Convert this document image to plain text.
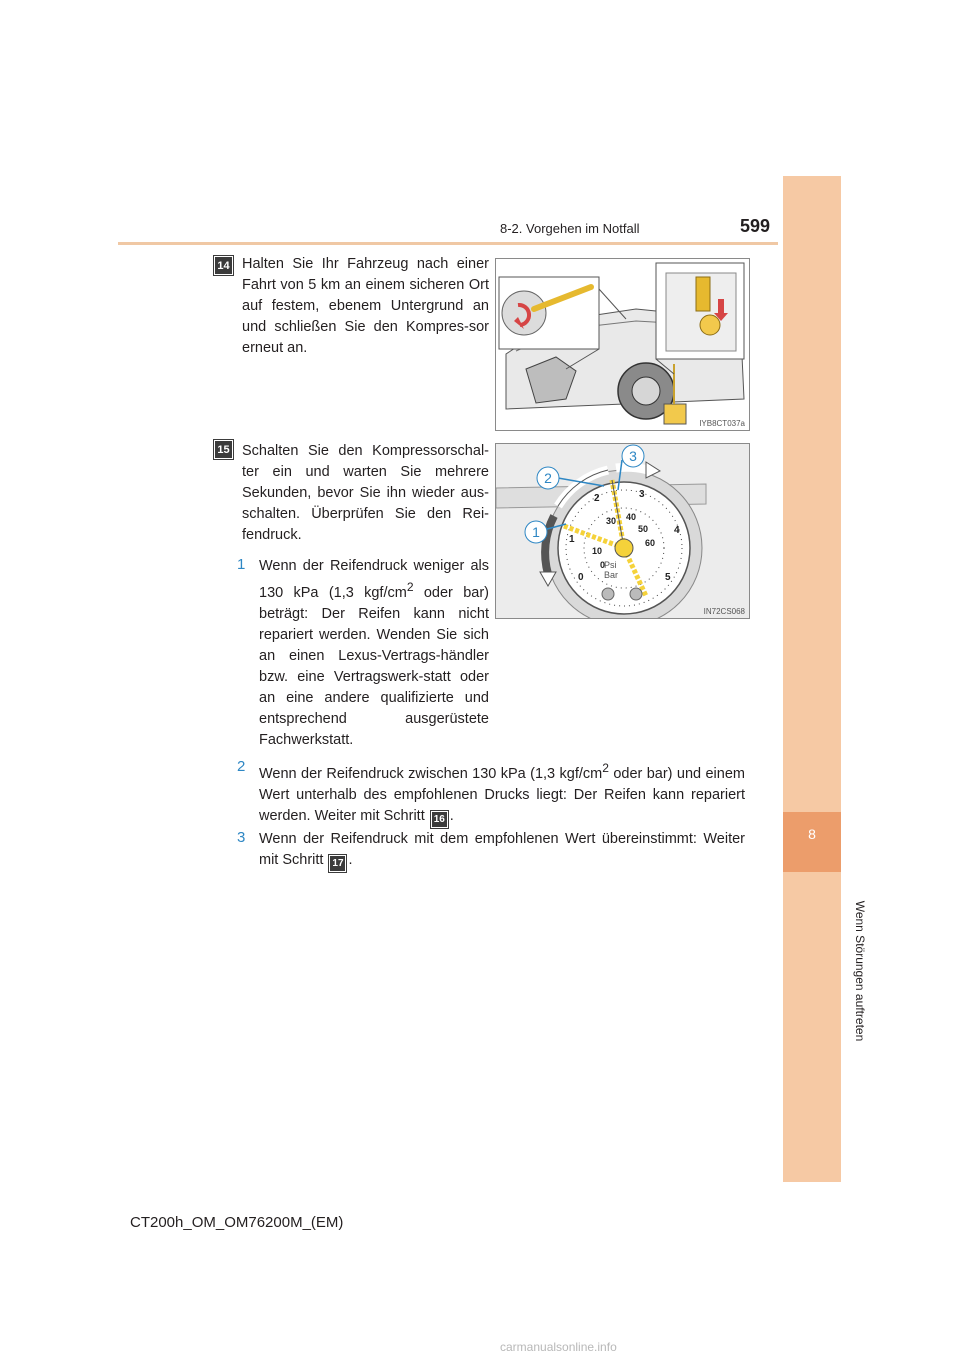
8-2. Vorgehen im Notfall	599
8
Wenn Störungen auftreten
14 Halten Sie Ihr Fahrzeug nach einer Fahrt von 5 km an einem sicheren Ort auf festem, ebenem Untergrund an und schließen Sie den Kompres-sor erneut an.
IYB8CT037a
15 Schalten Sie den Kompressorschal-ter ein und warten Sie mehrere Sekunden, bevor Sie ihn wieder aus-schalten. Überprüfen Sie den Rei-fendruck.	1
2
3
0
1
2	3
4
5
0
10
30 40
50
60
Psi
Bar
IN72CS068
1 Wenn der Reifendruck weniger als 130 kPa (1,3 kgf/$cm^2$ oder bar) beträgt: Der Reifen kann nicht repariert werden. Wenden Sie sich an einen Lexus-Vertrags-händler bzw. eine Vertragswerk-statt oder an eine andere qualifizierte und entsprechend ausgerüstete Fachwerkstatt.
2 Wenn der Reifendruck zwischen 130 kPa (1,3 kgf/$cm^2$ oder bar) und einem Wert unterhalb des empfohlenen Drucks liegt: Der Reifen kann repariert werden. Weiter mit Schritt 16 .
3 Wenn der Reifendruck mit dem empfohlenen Wert übereinstimmt: Weiter mit Schritt 17 .
CT200h_OM_OM76200M_(EM)
carmanualsonline.info
